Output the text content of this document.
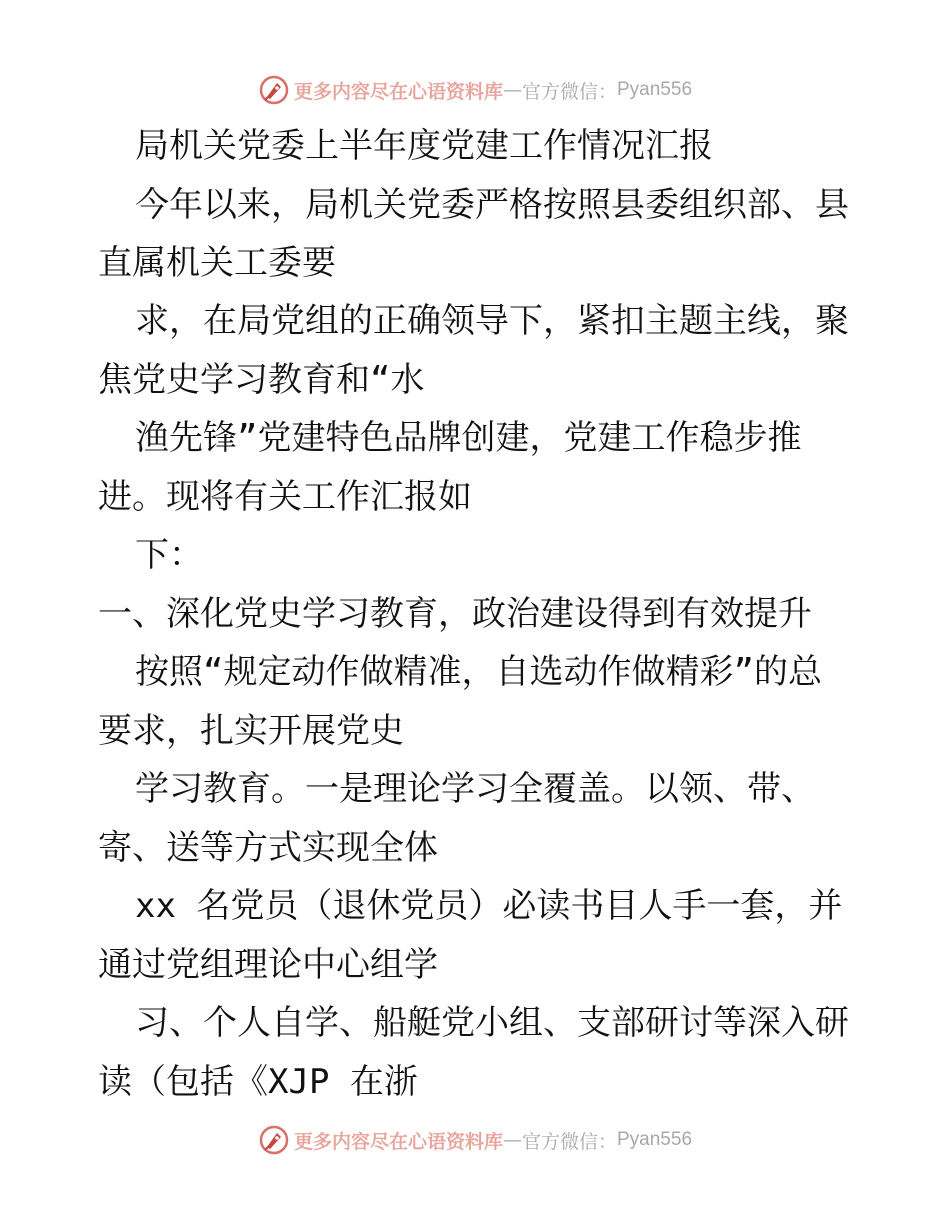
更多内容尽在心语资料库 — 官方微信： Pyan556
局机关党委上半年度党建工作情况汇报
今年以来，局机关党委严格按照县委组织部、县
直属机关工委要
求，在局党组的正确领导下，紧扣主题主线，聚
焦党史学习教育和“水
渔先锋”党建特色品牌创建，党建工作稳步推
进。现将有关工作汇报如
下：
一、深化党史学习教育，政治建设得到有效提升
按照“规定动作做精准，自选动作做精彩”的总
要求，扎实开展党史
学习教育。一是理论学习全覆盖。以领、带、
寄、送等方式实现全体
xx 名党员（退休党员）必读书目人手一套，并
通过党组理论中心组学
习、个人自学、船艇党小组、支部研讨等深入研
读（包括《XJP 在浙
更多内容尽在心语资料库 — 官方微信： Pyan556
